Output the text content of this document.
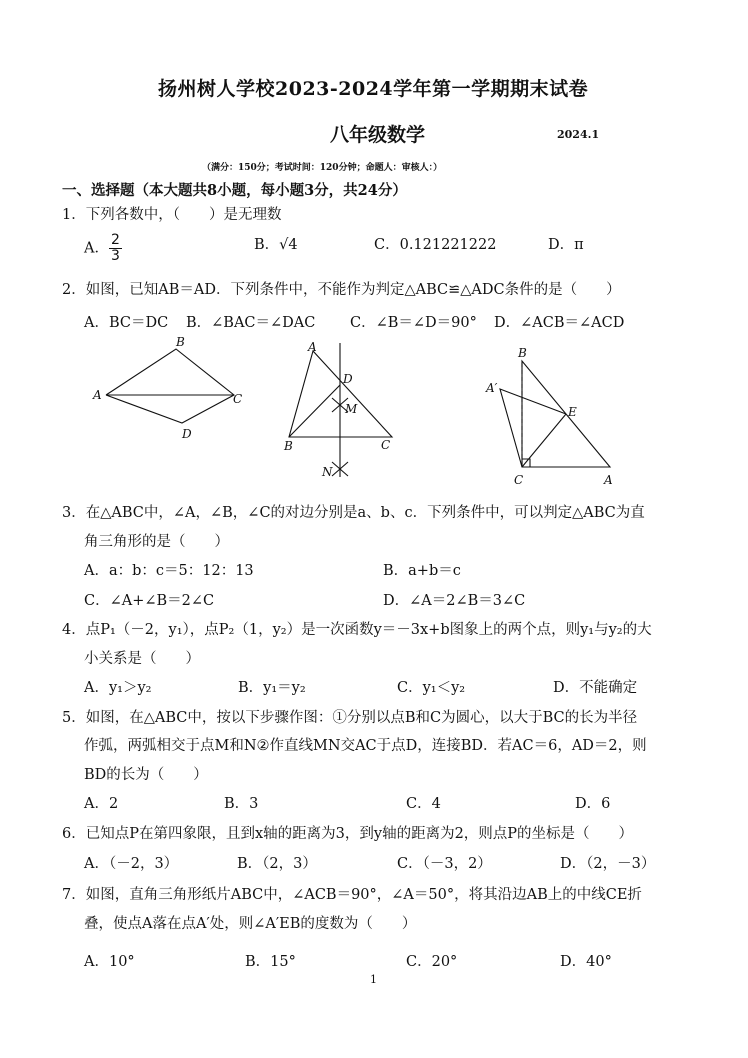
扬州树人学校2023-2024学年第一学期期末试卷
八年级数学	2024.1
（满分：150分；考试时间：120分钟；命题人：审核人：）
一、选择题（本大题共8小题，每小题3分，共24分）
1．下列各数中，（　　）是无理数
A． $\frac{2}{3}$	B．√4	C．0.121221222	D．π
2．如图，已知AB＝AD．下列条件中，不能作为判定△ABC≌△ADC条件的是（　　）
A．BC＝DC B．∠BAC＝∠DAC C．∠B＝∠D＝90° D．∠ACB＝∠ACD
B
A	C
D
A
D
M
B	C
N
B
A′
E
C	A
3．在△ABC中，∠A，∠B，∠C的对边分别是a、b、c．下列条件中，可以判定△ABC为直
角三角形的是（　　）
A．a：b：c＝5：12：13	B．a+b＝c
C．∠A+∠B＝2∠C	D．∠A＝2∠B＝3∠C
4．点P₁（－2，y₁），点P₂（1，y₂）是一次函数y＝－3x+b图象上的两个点，则y₁与y₂的大
小关系是（　　）
A．y₁＞y₂	B．y₁＝y₂	C．y₁＜y₂	D．不能确定
5．如图，在△ABC中，按以下步骤作图：①分别以点B和C为圆心，以大于BC的长为半径
作弧，两弧相交于点M和N②作直线MN交AC于点D，连接BD．若AC＝6，AD＝2，则
BD的长为（　　）
A．2	B．3	C．4	D．6
6．已知点P在第四象限，且到x轴的距离为3，到y轴的距离为2，则点P的坐标是（　　）
A．（－2，3）	B．（2，3）	C．（－3，2）	D．（2，－3）
7．如图，直角三角形纸片ABC中，∠ACB＝90°，∠A＝50°，将其沿边AB上的中线CE折
叠，使点A落在点A′处，则∠A′EB的度数为（　　）
A．10°	B．15°	C．20°	D．40°
1
